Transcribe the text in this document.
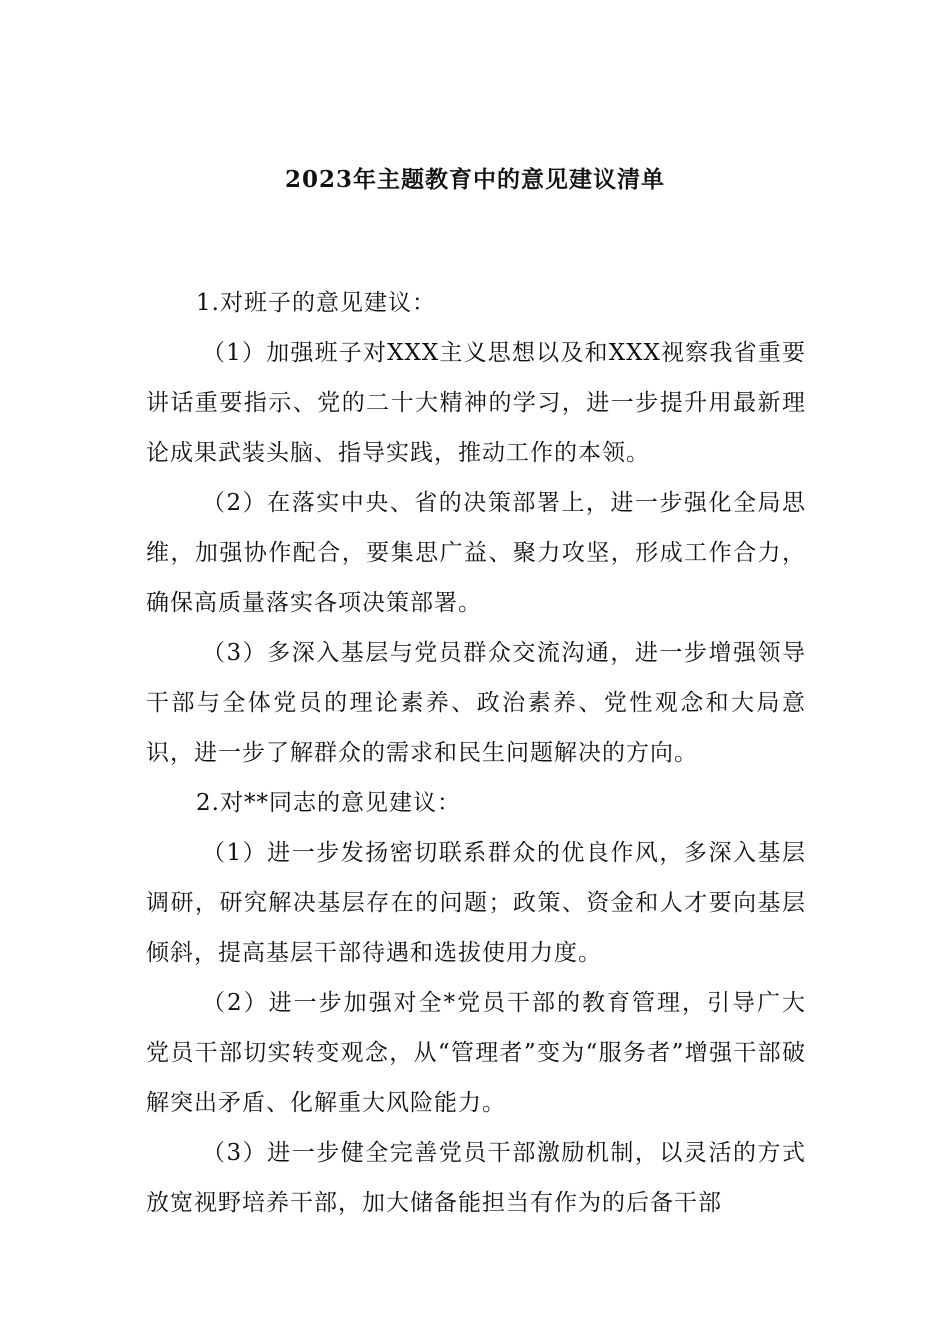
2023年主题教育中的意见建议清单

1.对班子的意见建议：

（1）加强班子对XXX主义思想以及和XXX视察我省重要讲话重要指示、党的二十大精神的学习，进一步提升用最新理论成果武装头脑、指导实践，推动工作的本领。

（2）在落实中央、省的决策部署上，进一步强化全局思维，加强协作配合，要集思广益、聚力攻坚，形成工作合力，确保高质量落实各项决策部署。

（3）多深入基层与党员群众交流沟通，进一步增强领导干部与全体党员的理论素养、政治素养、党性观念和大局意识，进一步了解群众的需求和民生问题解决的方向。

2.对**同志的意见建议：

（1）进一步发扬密切联系群众的优良作风，多深入基层调研，研究解决基层存在的问题；政策、资金和人才要向基层倾斜，提高基层干部待遇和选拔使用力度。

（2）进一步加强对全*党员干部的教育管理，引导广大党员干部切实转变观念，从“管理者”变为“服务者”增强干部破解突出矛盾、化解重大风险能力。

（3）进一步健全完善党员干部激励机制，以灵活的方式放宽视野培养干部，加大储备能担当有作为的后备干部
